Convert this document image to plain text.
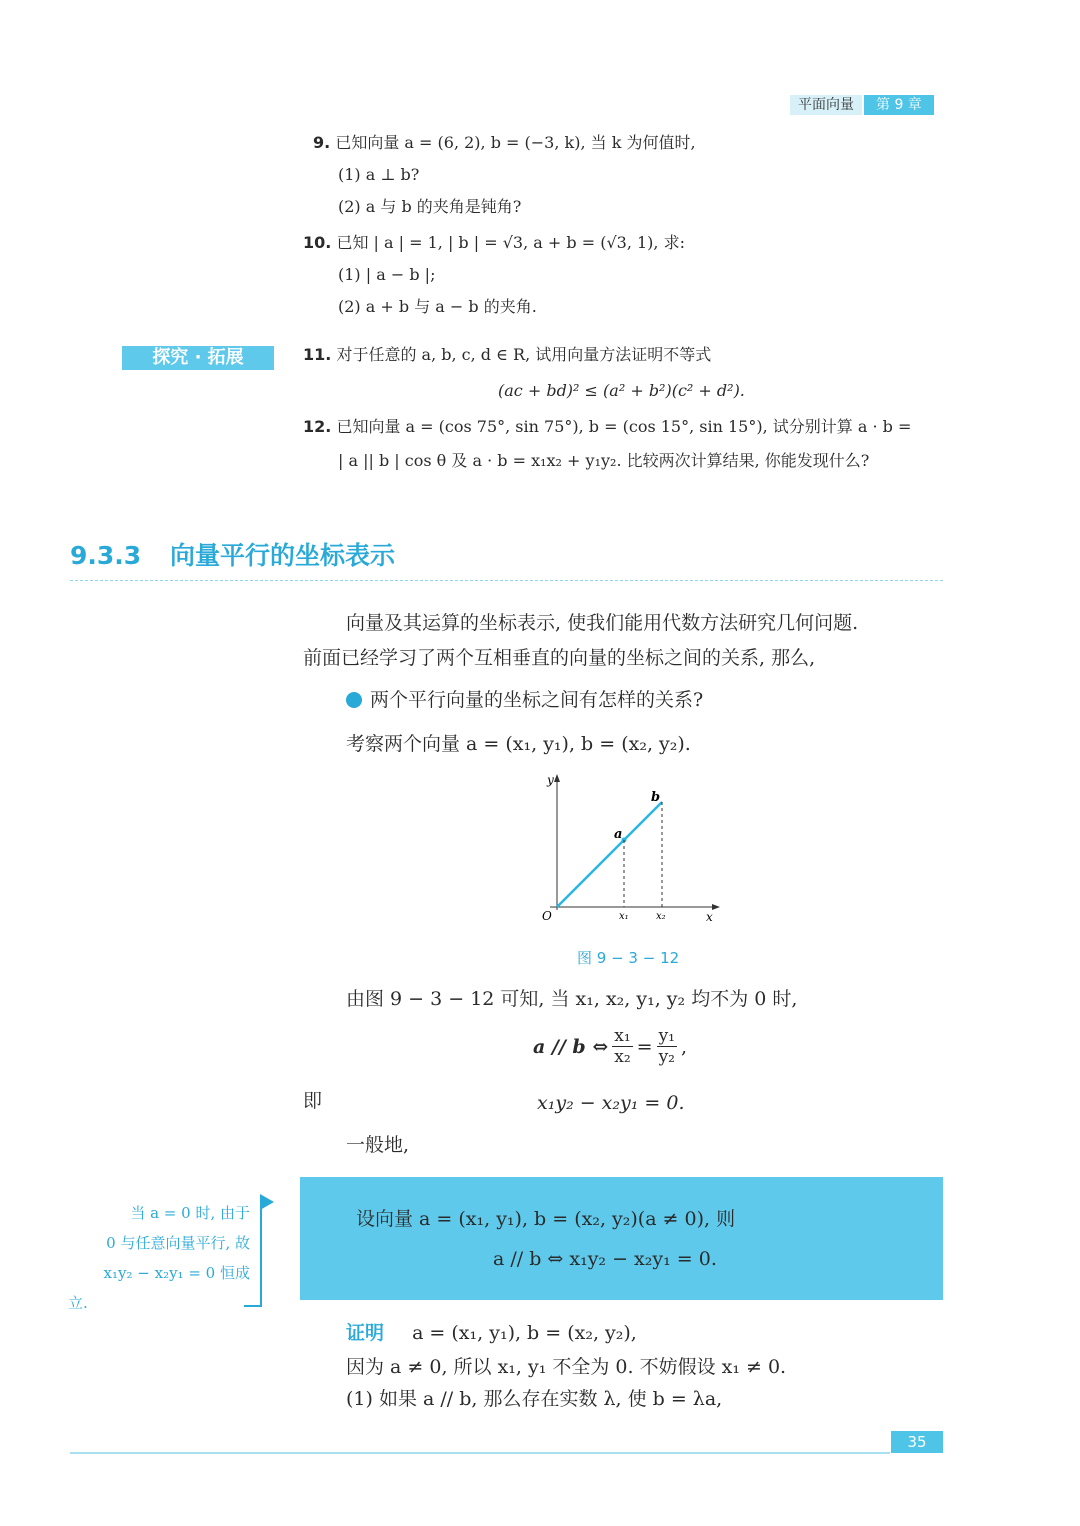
平面向量	第 9 章
9. 已知向量 a = (6, 2), b = (−3, k), 当 k 为何值时,
(1) a ⊥ b?
(2) a 与 b 的夹角是钝角?
10. 已知 | a | = 1, | b | = √3, a + b = (√3, 1), 求:
(1) | a − b |;
(2) a + b 与 a − b 的夹角.
探究 · 拓展	11. 对于任意的 a, b, c, d ∈ R, 试用向量方法证明不等式
(ac + bd)² ≤ (a² + b²)(c² + d²).
12. 已知向量 a = (cos 75°, sin 75°), b = (cos 15°, sin 15°), 试分别计算 a · b =
| a || b | cos θ 及 a · b = x₁x₂ + y₁y₂. 比较两次计算结果, 你能发现什么?
9.3.3 向量平行的坐标表示
向量及其运算的坐标表示, 使我们能用代数方法研究几何问题.
前面已经学习了两个互相垂直的向量的坐标之间的关系, 那么,
两个平行向量的坐标之间有怎样的关系?
考察两个向量 a = (x₁, y₁), b = (x₂, y₂).
y
x
O
a
b
x₁	x₂
图 9 − 3 − 12
由图 9 − 3 − 12 可知, 当 x₁, x₂, y₁, y₂ 均不为 0 时,
a // b ⇔ $\frac{\text{x₁}}{\text{x₂}} = \frac{\text{y₁}}{\text{y₂}}$ ,
即	x₁y₂ − x₂y₁ = 0.
一般地,
设向量 a = (x₁, y₁), b = (x₂, y₂)(a ≠ 0), 则
a // b ⇔ x₁y₂ − x₂y₁ = 0.
当 a = 0 时, 由于
0 与任意向量平行, 故
x₁y₂ − x₂y₁ = 0 恒成
立.
证明 a = (x₁, y₁), b = (x₂, y₂),
因为 a ≠ 0, 所以 x₁, y₁ 不全为 0. 不妨假设 x₁ ≠ 0.
(1) 如果 a // b, 那么存在实数 λ, 使 b = λa,
35
